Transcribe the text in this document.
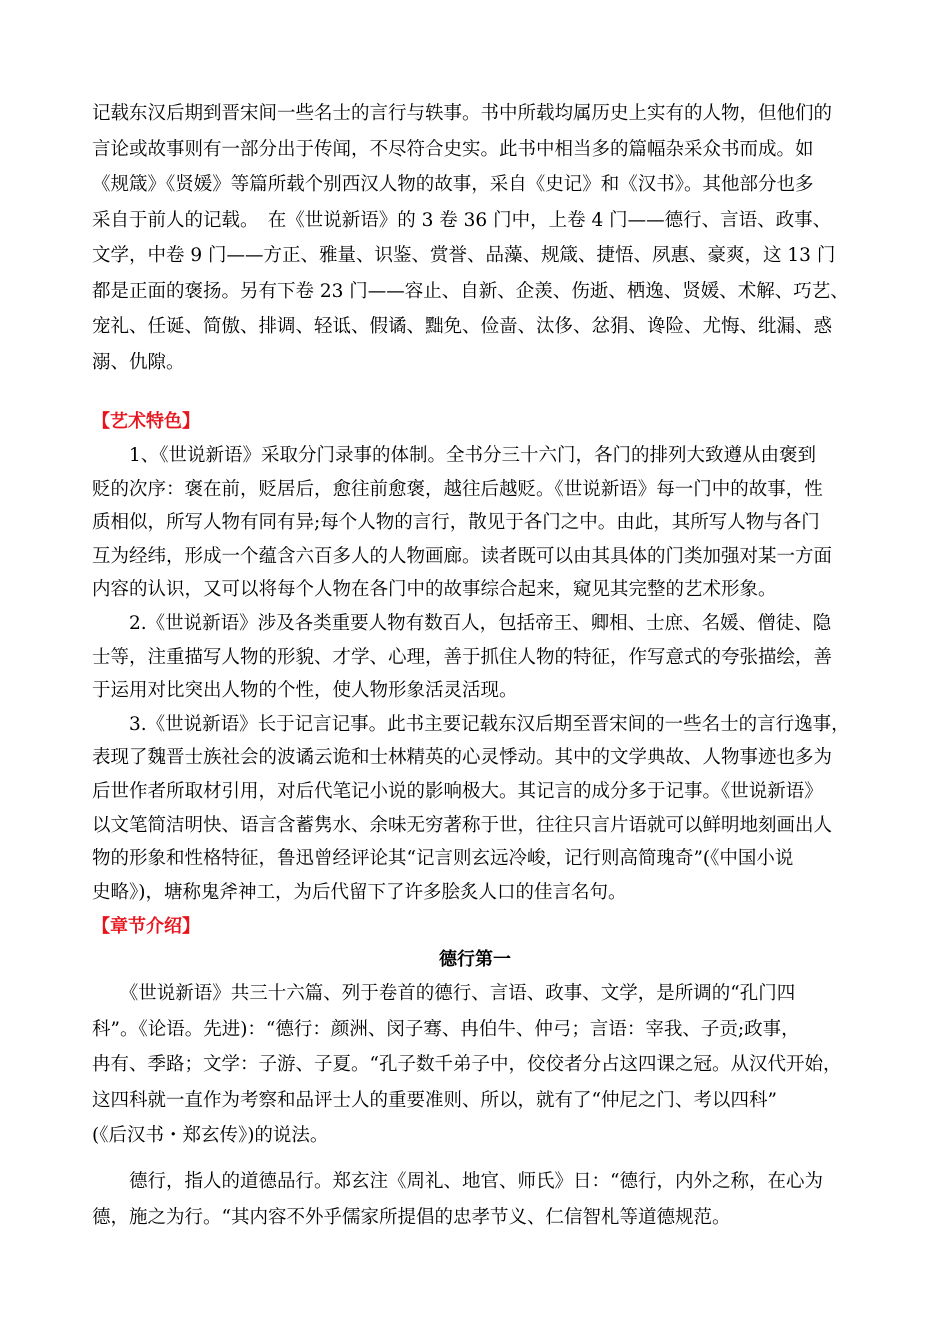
记载东汉后期到晋宋间一些名士的言行与轶事。书中所载均属历史上实有的人物，但他们的
言论或故事则有一部分出于传闻，不尽符合史实。此书中相当多的篇幅杂采众书而成。如
《规箴》《贤媛》等篇所载个别西汉人物的故事，采自《史记》和《汉书》。其他部分也多
采自于前人的记载。　在《世说新语》的 3 卷 36 门中，上卷 4 门——德行、言语、政事、
文学，中卷 9 门——方正、雅量、识鉴、赏誉、品藻、规箴、捷悟、夙惠、豪爽，这 13 门
都是正面的褒扬。另有下卷 23 门——容止、自新、企羡、伤逝、栖逸、贤媛、术解、巧艺、
宠礼、任诞、简傲、排调、轻诋、假谲、黜免、俭啬、汰侈、忿狷、谗险、尤悔、纰漏、惑
溺、仇隙。
【艺术特色】
　　1、《世说新语》采取分门录事的体制。全书分三十六门，各门的排列大致遵从由褒到
贬的次序：褒在前，贬居后，愈往前愈褒，越往后越贬。《世说新语》每一门中的故事，性
质相似，所写人物有同有异;每个人物的言行，散见于各门之中。由此，其所写人物与各门
互为经纬，形成一个蕴含六百多人的人物画廊。读者既可以由其具体的门类加强对某一方面
内容的认识，又可以将每个人物在各门中的故事综合起来，窥见其完整的艺术形象。
　　2.《世说新语》涉及各类重要人物有数百人，包括帝王、卿相、士庶、名媛、僧徒、隐
士等，注重描写人物的形貌、才学、心理，善于抓住人物的特征，作写意式的夸张描绘，善
于运用对比突出人物的个性，使人物形象活灵活现。
　　3.《世说新语》长于记言记事。此书主要记载东汉后期至晋宋间的一些名士的言行逸事，
表现了魏晋士族社会的波谲云诡和士林精英的心灵悸动。其中的文学典故、人物事迹也多为
后世作者所取材引用，对后代笔记小说的影响极大。其记言的成分多于记事。《世说新语》
以文笔简洁明快、语言含蓄隽水、余味无穷著称于世，往往只言片语就可以鲜明地刻画出人
物的形象和性格特征，鲁迅曾经评论其“记言则玄远冷峻，记行则高简瑰奇”(《中国小说
史略》)，塘称鬼斧神工，为后代留下了许多脍炙人口的佳言名句。
【章节介绍】
德行第一
　　《世说新语》共三十六篇、列于卷首的德行、言语、政事、文学，是所调的“孔门四
科”。《论语。先进)：“德行：颜洲、闵子骞、冉伯牛、仲弓；言语：宰我、子贡;政事，
冉有、季路；文学：子游、子夏。“孔子数千弟子中，佼佼者分占这四课之冠。从汉代开始，
这四科就一直作为考察和品评士人的重要准则、所以，就有了“仲尼之门、考以四科”
(《后汉书・郑玄传》)的说法。
　　德行，指人的道德品行。郑玄注《周礼、地官、师氏》日：“德行，内外之称，在心为
德，施之为行。“其内容不外乎儒家所提倡的忠孝节义、仁信智札等道德规范。
